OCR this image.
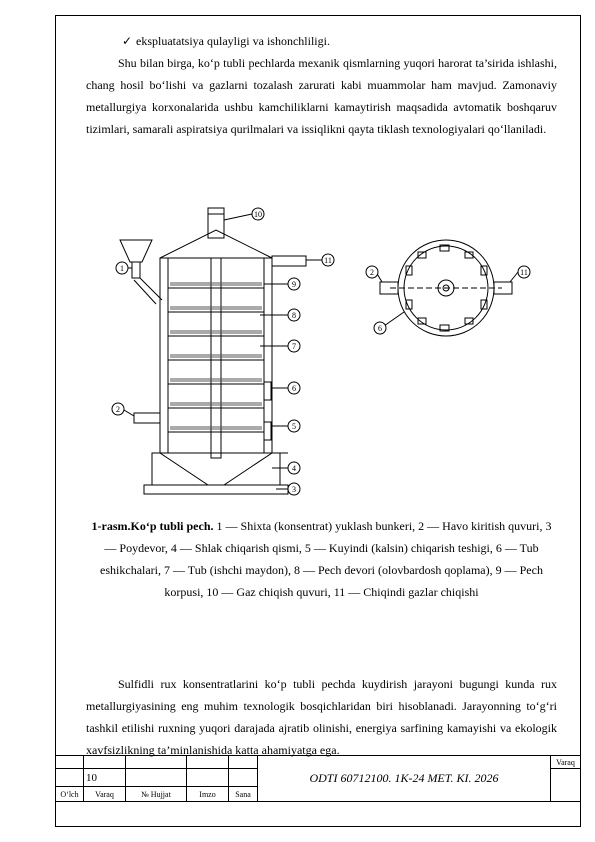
✓ ekspluatatsiya qulayligi va ishonchliligi.

Shu bilan birga, ko‘p tubli pechlarda mexanik qismlarning yuqori harorat ta’sirida ishlashi, chang hosil bo‘lishi va gazlarni tozalash zarurati kabi muammolar ham mavjud. Zamonaviy metallurgiya korxonalarida ushbu kamchiliklarni kamaytirish maqsadida avtomatik boshqaruv tizimlari, samarali aspiratsiya qurilmalari va issiqlikni qayta tiklash texnologiyalari qo‘llaniladi.

1
2
3
4
5
6
7
8
9
10
11
2	11
6
1-rasm.Ko‘p tubli pech. 1 — Shixta (konsentrat) yuklash bunkeri, 2 — Havo kiritish quvuri, 3 — Poydevor, 4 — Shlak chiqarish qismi, 5 — Kuyindi (kalsin) chiqarish teshigi, 6 — Tub eshikchalari, 7 — Tub (ishchi maydon), 8 — Pech devori (olovbardosh qoplama), 9 — Pech korpusi, 10 — Gaz chiqish quvuri, 11 — Chiqindi gazlar chiqishi

Sulfidli rux konsentratlarini ko‘p tubli pechda kuydirish jarayoni bugungi kunda rux metallurgiyasining eng muhim texnologik bosqichlaridan biri hisoblanadi. Jarayonning to‘g‘ri tashkil etilishi ruxning yuqori darajada ajratib olinishi, energiya sarfining kamayishi va ekologik xavfsizlikning ta’minlanishida katta ahamiyatga ega.

10
O‘lch	Varaq	№ Hujjat	Imzo	Sana
ODTI 60712100. 1K-24 MET. KI. 2026
Varaq
